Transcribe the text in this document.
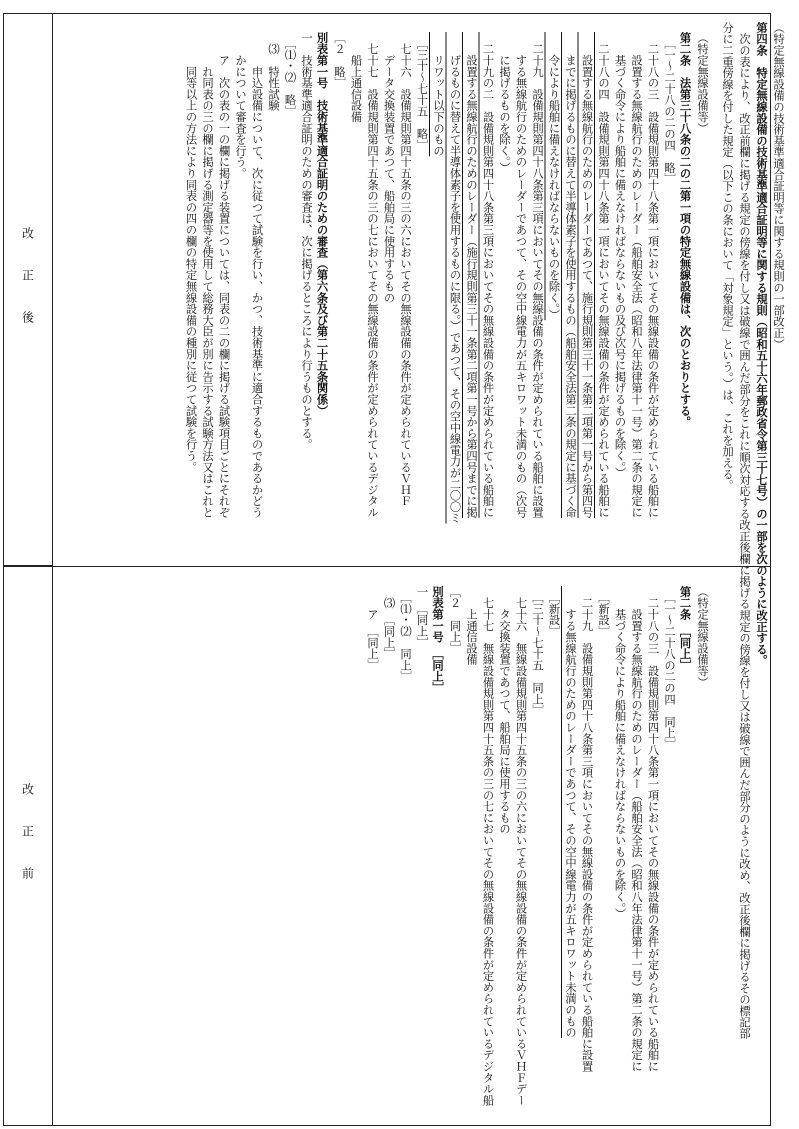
（特定無線設備の技術基準適合証明等に関する規則の一部改正）
第四条　特定無線設備の技術基準適合証明等に関する規則（昭和五十六年郵政省令第三十七号）の一部を次のように改正する。
　次の表により、改正前欄に掲げる規定の傍線を付し又は破線で囲んだ部分をこれに順次対応する改正後欄に掲げる規定の傍線を付し又は破線で囲んだ部分のように改め、改正後欄に掲げるその標記部
分に二重傍線を付した規定（以下この条において「対象規定」という。）は、これを加える。
改正後
改正前
（特定無線設備等）
第二条　法第三十八条の二の二第一項の特定無線設備は、次のとおりとする。
　［一～二十八の二の四　略］
　二十八の三　設備規則第四十八条第一項においてその無線設備の条件が定められている船舶に
　　設置する無線航行のためのレーダー（船舶安全法（昭和八年法律第十一号）第二条の規定に
　　基づく命令により船舶に備えなければならないもの及び次号に掲げるものを除く。）
　二十八の四　設備規則第四十八条第一項においてその無線設備の条件が定められている船舶に
　　設置する無線航行のためのレーダーであつて、施行規則第三十一条第二項第一号から第四号
　　までに掲げるものに替えて半導体素子を使用するもの（船舶安全法第二条の規定に基づく命
　　令により船舶に備えなければならないものを除く。）
　二十九　設備規則第四十八条第三項においてその無線設備の条件が定められている船舶に設置
　　する無線航行のためのレーダーであつて、その空中線電力が五キロワット未満のもの（次号
　　に掲げるものを除く。）
　二十九の二　設備規則第四十八条第三項においてその無線設備の条件が定められている船舶に
　　設置する無線航行のためのレーダー（施行規則第三十一条第二項第一号から第四号までに掲
　　げるものに替えて半導体素子を使用するものに限る。）であつて、その空中線電力が二〇〇ミ
　　リワット以下のもの
　［三十～七十五　略］
　七十六　設備規則第四十五条の三の六においてその無線設備の条件が定められているＶＨＦ
　　データ交換装置であつて、船舶局に使用するもの
　七十七　設備規則第四十五条の三の七においてその無線設備の条件が定められているデジタル
　　船上通信設備
［２　略］
別表第一号　技術基準適合証明のための審査（第六条及び第二十五条関係）
一　技術基準適合証明のための審査は、次に掲げるところにより行うものとする。
　［⑴・⑵　略］
　⑶　特性試験
　　　申込設備について、次に従つて試験を行い、かつ、技術基準に適合するものであるかどう
　　かについて審査を行う。
　　ア　次の表の一の欄に掲げる装置については、同表の二の欄に掲げる試験項目ごとにそれぞ
　　　れ同表の三の欄に掲げる測定器等を使用して総務大臣が別に告示する試験方法又はこれと
　　　同等以上の方法により同表の四の欄の特定無線設備の種別に従つて試験を行う。
（特定無線設備等）
第二条　［同上］
　［一～二十八の二の四　同上］
　二十八の三　設備規則第四十八条第一項においてその無線設備の条件が定められている船舶に
　　設置する無線航行のためのレーダー（船舶安全法（昭和八年法律第十一号）第二条の規定に
　　基づく命令により船舶に備えなければならないものを除く。）
　［新設］
　二十九　設備規則第四十八条第三項においてその無線設備の条件が定められている船舶に設置
　　する無線航行のためのレーダーであつて、その空中線電力が五キロワット未満のもの
　［新設］
　［三十～七十五　同上］
　七十六　無線設備規則第四十五条の三の六においてその無線設備の条件が定められているＶＨＦデー
　　タ交換装置であつて、船舶局に使用するもの
　七十七　無線設備規則第四十五条の三の七においてその無線設備の条件が定められているデジタル船
　　上通信設備
［２　同上］
別表第一号　［同上］
一　［同上］
　［⑴・⑵　同上］
　⑶　［同上］
　　ア　［同上］
